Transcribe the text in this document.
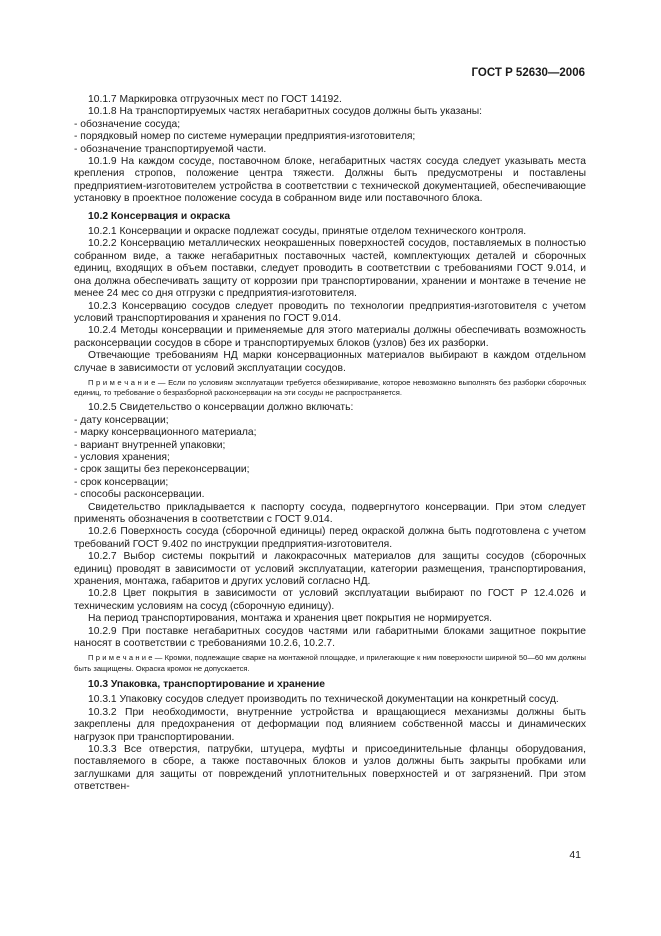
ГОСТ Р 52630—2006
10.1.7 Маркировка отгрузочных мест по ГОСТ 14192.
10.1.8 На транспортируемых частях негабаритных сосудов должны быть указаны:
- обозначение сосуда;
- порядковый номер по системе нумерации предприятия-изготовителя;
- обозначение транспортируемой части.
10.1.9 На каждом сосуде, поставочном блоке, негабаритных частях сосуда следует указывать места крепления стропов, положение центра тяжести. Должны быть предусмотрены и поставлены предприятием-изготовителем устройства в соответствии с технической документацией, обеспечивающие установку в проектное положение сосуда в собранном виде или поставочного блока.
10.2 Консервация и окраска
10.2.1 Консервации и окраске подлежат сосуды, принятые отделом технического контроля.
10.2.2 Консервацию металлических неокрашенных поверхностей сосудов, поставляемых в полностью собранном виде, а также негабаритных поставочных частей, комплектующих деталей и сборочных единиц, входящих в объем поставки, следует проводить в соответствии с требованиями ГОСТ 9.014, и она должна обеспечивать защиту от коррозии при транспортировании, хранении и монтаже в течение не менее 24 мес со дня отгрузки с предприятия-изготовителя.
10.2.3 Консервацию сосудов следует проводить по технологии предприятия-изготовителя с учетом условий транспортирования и хранения по ГОСТ 9.014.
10.2.4 Методы консервации и применяемые для этого материалы должны обеспечивать возможность расконсервации сосудов в сборе и транспортируемых блоков (узлов) без их разборки.
Отвечающие требованиям НД марки консервационных материалов выбирают в каждом отдельном случае в зависимости от условий эксплуатации сосудов.
П р и м е ч а н и е — Если по условиям эксплуатации требуется обезжиривание, которое невозможно выполнять без разборки сборочных единиц, то требование о безразборной расконсервации на эти сосуды не распространяется.
10.2.5 Свидетельство о консервации должно включать:
- дату консервации;
- марку консервационного материала;
- вариант внутренней упаковки;
- условия хранения;
- срок защиты без переконсервации;
- срок консервации;
- способы расконсервации.
Свидетельство прикладывается к паспорту сосуда, подвергнутого консервации. При этом следует применять обозначения в соответствии с ГОСТ 9.014.
10.2.6 Поверхность сосуда (сборочной единицы) перед окраской должна быть подготовлена с учетом требований ГОСТ 9.402 по инструкции предприятия-изготовителя.
10.2.7 Выбор системы покрытий и лакокрасочных материалов для защиты сосудов (сборочных единиц) проводят в зависимости от условий эксплуатации, категории размещения, транспортирования, хранения, монтажа, габаритов и других условий согласно НД.
10.2.8 Цвет покрытия в зависимости от условий эксплуатации выбирают по ГОСТ Р 12.4.026 и техническим условиям на сосуд (сборочную единицу).
На период транспортирования, монтажа и хранения цвет покрытия не нормируется.
10.2.9 При поставке негабаритных сосудов частями или габаритными блоками защитное покрытие наносят в соответствии с требованиями 10.2.6, 10.2.7.
П р и м е ч а н и е — Кромки, подлежащие сварке на монтажной площадке, и прилегающие к ним поверхности шириной 50—60 мм должны быть защищены. Окраска кромок не допускается.
10.3 Упаковка, транспортирование и хранение
10.3.1 Упаковку сосудов следует производить по технической документации на конкретный сосуд.
10.3.2 При необходимости, внутренние устройства и вращающиеся механизмы должны быть закреплены для предохранения от деформации под влиянием собственной массы и динамических нагрузок при транспортировании.
10.3.3 Все отверстия, патрубки, штуцера, муфты и присоединительные фланцы оборудования, поставляемого в сборе, а также поставочных блоков и узлов должны быть закрыты пробками или заглушками для защиты от повреждений уплотнительных поверхностей и от загрязнений. При этом ответствен-
41
